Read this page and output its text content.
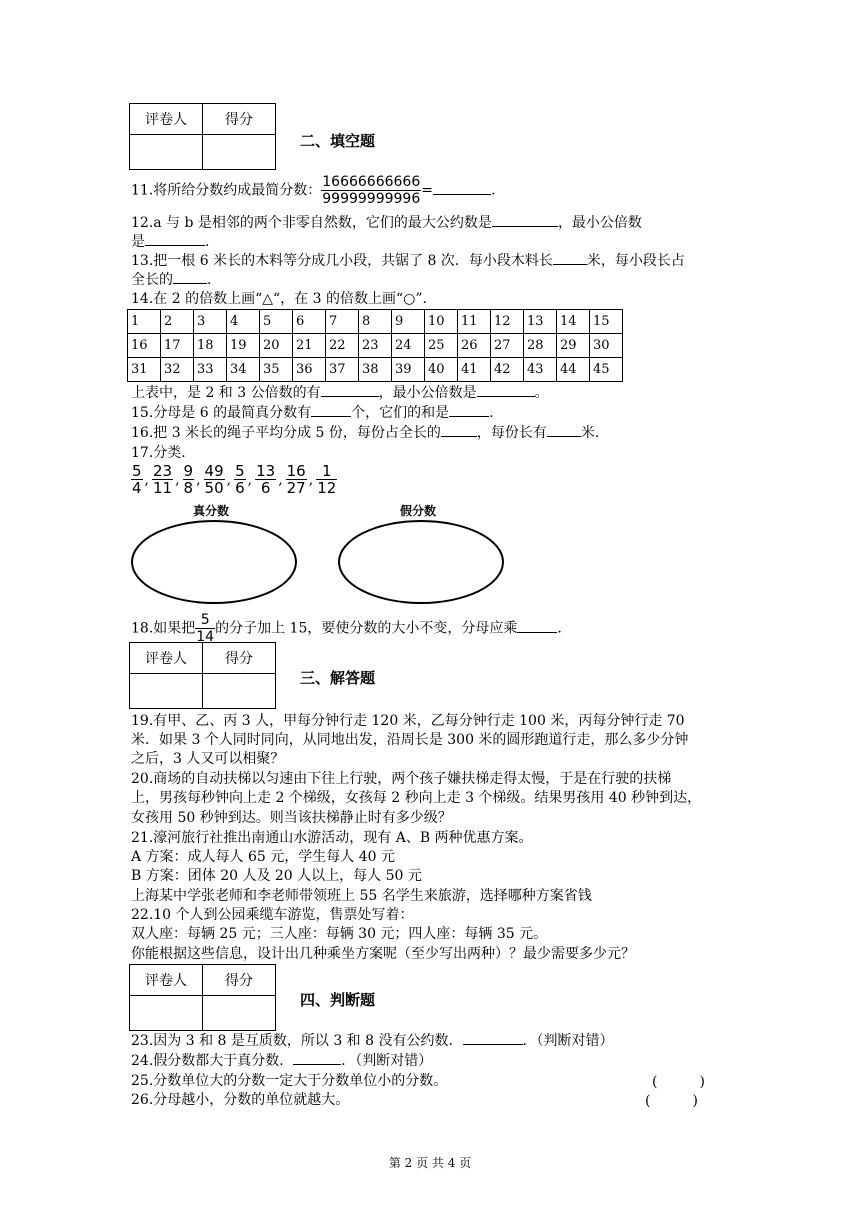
评卷人	得分

二、填空题
11.将所给分数约成最简分数： $\frac{16666666666}{99999999996}$ =	.
12.a 与 b 是相邻的两个非零自然数，它们的最大公约数是	，最小公倍数
是	.
13.把一根 6 米长的木料等分成几小段，共锯了 8 次．每小段木料长 米，每小段长占
全长的 .
14.在 2 的倍数上画“△“，在 3 的倍数上画“○”．
1	2	3	4	5	6	7	8	9	10	11	12	13	14	15
16	17	18	19	20	21	22	23	24	25	26	27	28	29	30
31	32	33	34	35	36	37	38	39	40	41	42	43	44	45
上表中，是 2 和 3 公倍数的有	，最小公倍数是	。
15.分母是 6 的最简真分数有	个，它们的和是	.
16.把 3 米长的绳子平均分成 5 份，每份占全长的	，每份长有 米.
17.分类.
$\frac{5}{4}$ , $\frac{23}{11}$ , $\frac{9}{8}$ , $\frac{49}{50}$ , $\frac{5}{6}$ , $\frac{13}{6}$ , $\frac{16}{27}$ , $\frac{1}{12}$
真分数	假分数
18.如果把 $\frac{5}{14}$ 的分子加上 15，要使分数的大小不变，分母应乘	.
评卷人	得分

三、解答题
19.有甲、乙、丙 3 人，甲每分钟行走 120 米，乙每分钟行走 100 米，丙每分钟行走 70
米．如果 3 个人同时同向，从同地出发，沿周长是 300 米的圆形跑道行走，那么多少分钟
之后，3 人又可以相聚？
20.商场的自动扶梯以匀速由下往上行驶，两个孩子嫌扶梯走得太慢，于是在行驶的扶梯
上，男孩每秒钟向上走 2 个梯级，女孩每 2 秒向上走 3 个梯级。结果男孩用 40 秒钟到达，
女孩用 50 秒钟到达。则当该扶梯静止时有多少级？
21.濠河旅行社推出南通山水游活动，现有 A、B 两种优惠方案。
A 方案：成人每人 65 元，学生每人 40 元
B 方案：团体 20 人及 20 人以上，每人 50 元
上海某中学张老师和李老师带领班上 55 名学生来旅游，选择哪种方案省钱
22.10 个人到公园乘缆车游览，售票处写着：
双人座：每辆 25 元；三人座：每辆 30 元；四人座：每辆 35 元。
你能根据这些信息，设计出几种乘坐方案呢（至少写出两种）？最少需要多少元？
评卷人	得分

四、判断题
23.因为 3 和 8 是互质数，所以 3 和 8 没有公约数．	．（判断对错）
24.假分数都大于真分数．	．（判断对错）
25.分数单位大的分数一定大于分数单位小的分数。	(　　　)
26.分母越小，分数的单位就越大。	(　　　)
第 2 页 共 4 页
